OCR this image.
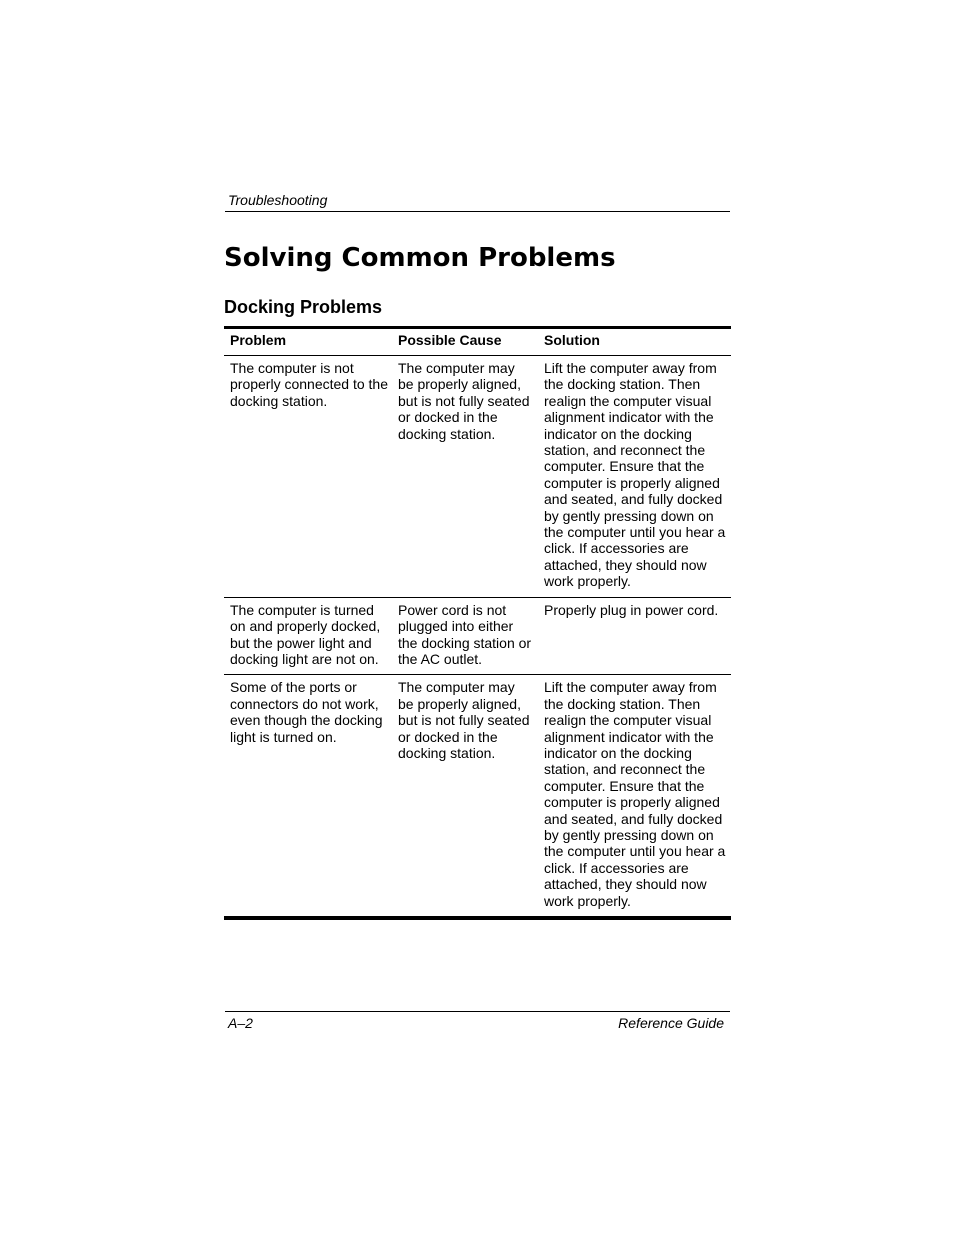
Troubleshooting
Solving Common Problems
Docking Problems
Problem	Possible Cause	Solution
The computer is not properly connected to the docking station.	The computer may be properly aligned, but is not fully seated or docked in the docking station.	Lift the computer away from the docking station. Then realign the computer visual alignment indicator with the indicator on the docking station, and reconnect the computer. Ensure that the computer is properly aligned and seated, and fully docked by gently pressing down on the computer until you hear a click. If accessories are attached, they should now work properly.
The computer is turned on and properly docked, but the power light and docking light are not on.	Power cord is not plugged into either the docking station or the AC outlet.	Properly plug in power cord.
Some of the ports or connectors do not work, even though the docking light is turned on.	The computer may be properly aligned, but is not fully seated or docked in the docking station.	Lift the computer away from the docking station. Then realign the computer visual alignment indicator with the indicator on the docking station, and reconnect the computer. Ensure that the computer is properly aligned and seated, and fully docked by gently pressing down on the computer until you hear a click. If accessories are attached, they should now work properly.
A–2	Reference Guide
